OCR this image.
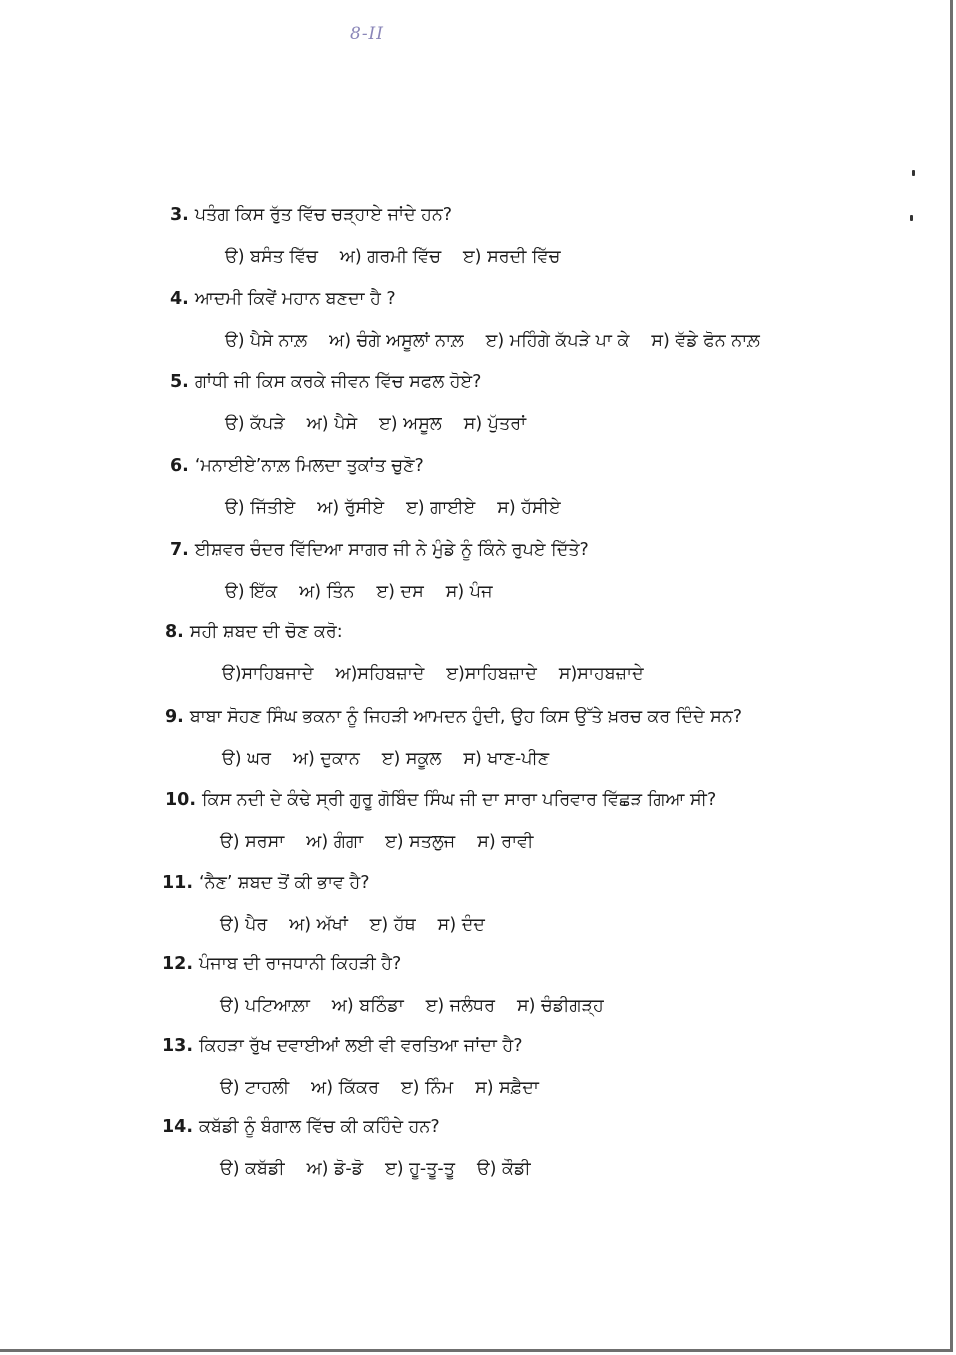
8-II
3. ਪਤੰਗ ਕਿਸ ਰੁੱਤ ਵਿੱਚ ਚੜ੍ਹਾਏ ਜਾਂਦੇ ਹਨ?
ੳ) ਬਸੰਤ ਵਿੱਚ ਅ) ਗਰਮੀ ਵਿੱਚ ੲ) ਸਰਦੀ ਵਿੱਚ
4. ਆਦਮੀ ਕਿਵੇਂ ਮਹਾਨ ਬਣਦਾ ਹੈ ?
ੳ) ਪੈਸੇ ਨਾਲ਼ ਅ) ਚੰਗੇ ਅਸੂਲਾਂ ਨਾਲ਼ ੲ) ਮਹਿੰਗੇ ਕੱਪੜੇ ਪਾ ਕੇ ਸ) ਵੱਡੇ ਫੋਨ ਨਾਲ਼
5. ਗਾਂਧੀ ਜੀ ਕਿਸ ਕਰਕੇ ਜੀਵਨ ਵਿੱਚ ਸਫਲ ਹੋਏ?
ੳ) ਕੱਪੜੇ ਅ) ਪੈਸੇ ੲ) ਅਸੂਲ ਸ) ਪੁੱਤਰਾਂ
6. ‘ਮਨਾਈਏ’ਨਾਲ਼ ਮਿਲਦਾ ਤੁਕਾਂਤ ਚੁਣੋ?
ੳ) ਜਿੱਤੀਏ ਅ) ਰੁੱਸੀਏ ੲ) ਗਾਈਏ ਸ) ਹੱਸੀਏ
7. ਈਸ਼ਵਰ ਚੰਦਰ ਵਿੱਦਿਆ ਸਾਗਰ ਜੀ ਨੇ ਮੁੰਡੇ ਨੂੰ ਕਿੰਨੇ ਰੁਪਏ ਦਿੱਤੇ?
ੳ) ਇੱਕ ਅ) ਤਿੰਨ ੲ) ਦਸ ਸ) ਪੰਜ
8. ਸਹੀ ਸ਼ਬਦ ਦੀ ਚੋਣ ਕਰੋ:
ੳ)ਸਾਹਿਬਜਾਦੇ ਅ)ਸਹਿਬਜ਼ਾਦੇ ੲ)ਸਾਹਿਬਜ਼ਾਦੇ ਸ)ਸਾਹਬਜ਼ਾਦੇ
9. ਬਾਬਾ ਸੋਹਣ ਸਿੰਘ ਭਕਨਾ ਨੂੰ ਜਿਹੜੀ ਆਮਦਨ ਹੁੰਦੀ, ਉਹ ਕਿਸ ਉੱਤੇ ਖ਼ਰਚ ਕਰ ਦਿੰਦੇ ਸਨ?
ੳ) ਘਰ ਅ) ਦੁਕਾਨ ੲ) ਸਕੂਲ ਸ) ਖਾਣ-ਪੀਣ
10. ਕਿਸ ਨਦੀ ਦੇ ਕੰਢੇ ਸ੍ਰੀ ਗੁਰੂ ਗੋਬਿੰਦ ਸਿੰਘ ਜੀ ਦਾ ਸਾਰਾ ਪਰਿਵਾਰ ਵਿੱਛੜ ਗਿਆ ਸੀ?
ੳ) ਸਰਸਾ ਅ) ਗੰਗਾ ੲ) ਸਤਲੁਜ ਸ) ਰਾਵੀ
11. ‘ਨੈਣ’ ਸ਼ਬਦ ਤੋਂ ਕੀ ਭਾਵ ਹੈ?
ੳ) ਪੈਰ ਅ) ਅੱਖਾਂ ੲ) ਹੱਥ ਸ) ਦੰਦ
12. ਪੰਜਾਬ ਦੀ ਰਾਜਧਾਨੀ ਕਿਹੜੀ ਹੈ?
ੳ) ਪਟਿਆਲ਼ਾ ਅ) ਬਠਿੰਡਾ ੲ) ਜਲੰਧਰ ਸ) ਚੰਡੀਗੜ੍ਹ
13. ਕਿਹੜਾ ਰੁੱਖ ਦਵਾਈਆਂ ਲਈ ਵੀ ਵਰਤਿਆ ਜਾਂਦਾ ਹੈ?
ੳ) ਟਾਹਲੀ ਅ) ਕਿੱਕਰ ੲ) ਨਿੰਮ ਸ) ਸਫ਼ੈਦਾ
14. ਕਬੱਡੀ ਨੂੰ ਬੰਗਾਲ ਵਿੱਚ ਕੀ ਕਹਿੰਦੇ ਹਨ?
ੳ) ਕਬੱਡੀ ਅ) ਡੋ-ਡੋ ੲ) ਹੂ-ਤੂ-ਤੂ ੳ) ਕੌਡੀ
